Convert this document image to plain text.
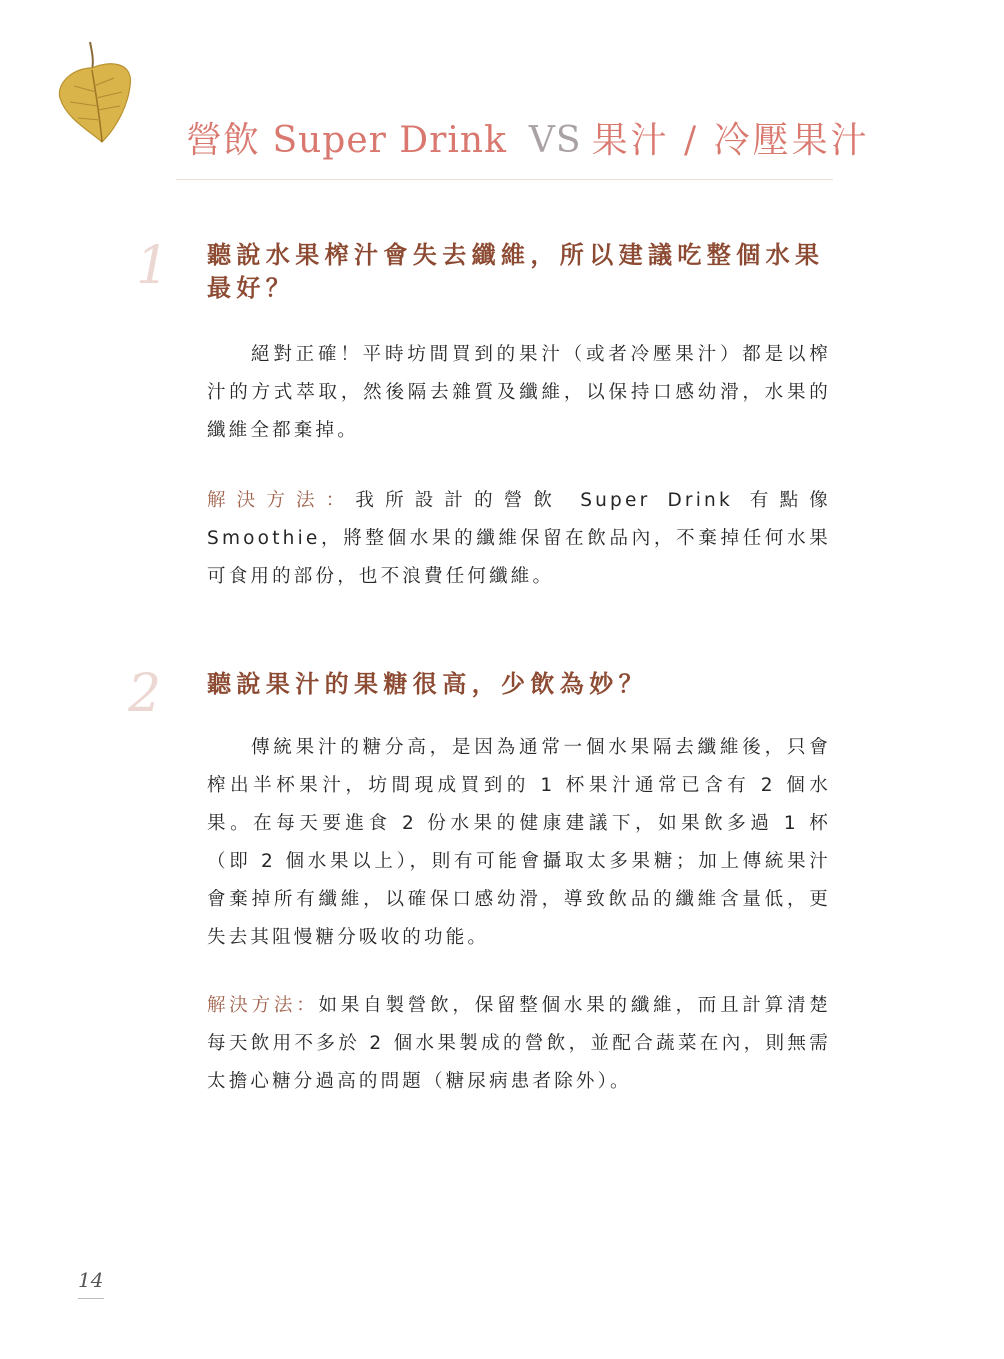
營飲 Super Drink VS 果汁 / 冷壓果汁
1 聽說水果榨汁會失去纖維，所以建議吃整個水果最好？

絕對正確！平時坊間買到的果汁（或者冷壓果汁）都是以榨汁的方式萃取，然後隔去雜質及纖維，以保持口感幼滑，水果的纖維全都棄掉。

解決方法：我所設計的營飲 Super Drink 有點像 Smoothie，將整個水果的纖維保留在飲品內，不棄掉任何水果可食用的部份，也不浪費任何纖維。

2 聽說果汁的果糖很高，少飲為妙？

傳統果汁的糖分高，是因為通常一個水果隔去纖維後，只會榨出半杯果汁，坊間現成買到的 1 杯果汁通常已含有 2 個水果。在每天要進食 2 份水果的健康建議下，如果飲多過 1 杯（即 2 個水果以上），則有可能會攝取太多果糖；加上傳統果汁會棄掉所有纖維，以確保口感幼滑，導致飲品的纖維含量低，更失去其阻慢糖分吸收的功能。

解決方法：如果自製營飲，保留整個水果的纖維，而且計算清楚每天飲用不多於 2 個水果製成的營飲，並配合蔬菜在內，則無需太擔心糖分過高的問題（糖尿病患者除外）。

14
